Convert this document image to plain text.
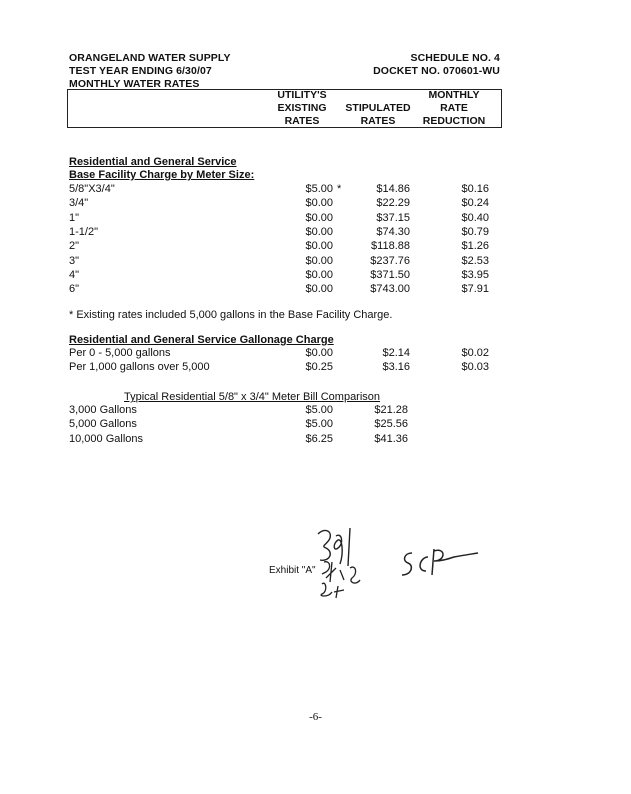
ORANGELAND WATER SUPPLY
TEST YEAR ENDING 6/30/07
MONTHLY WATER RATES
SCHEDULE NO. 4
DOCKET NO. 070601-WU
UTILITY'S
EXISTING
RATES
STIPULATED
RATES
MONTHLY
RATE
REDUCTION
Residential and General Service
Base Facility Charge by Meter Size:
5/8"X3/4"	$5.00 *	$14.86	$0.16
3/4"	$0.00	$22.29	$0.24
1"	$0.00	$37.15	$0.40
1-1/2"	$0.00	$74.30	$0.79
2"	$0.00	$118.88	$1.26
3"	$0.00	$237.76	$2.53
4"	$0.00	$371.50	$3.95
6"	$0.00	$743.00	$7.91
* Existing rates included 5,000 gallons in the Base Facility Charge.
Residential and General Service Gallonage Charge
Per 0 - 5,000 gallons	$0.00	$2.14	$0.02
Per 1,000 gallons over 5,000	$0.25	$3.16	$0.03
Typical Residential 5/8" x 3/4" Meter Bill Comparison
3,000 Gallons	$5.00	$21.28
5,000 Gallons	$5.00	$25.56
10,000 Gallons	$6.25	$41.36
Exhibit "A"
-6-
